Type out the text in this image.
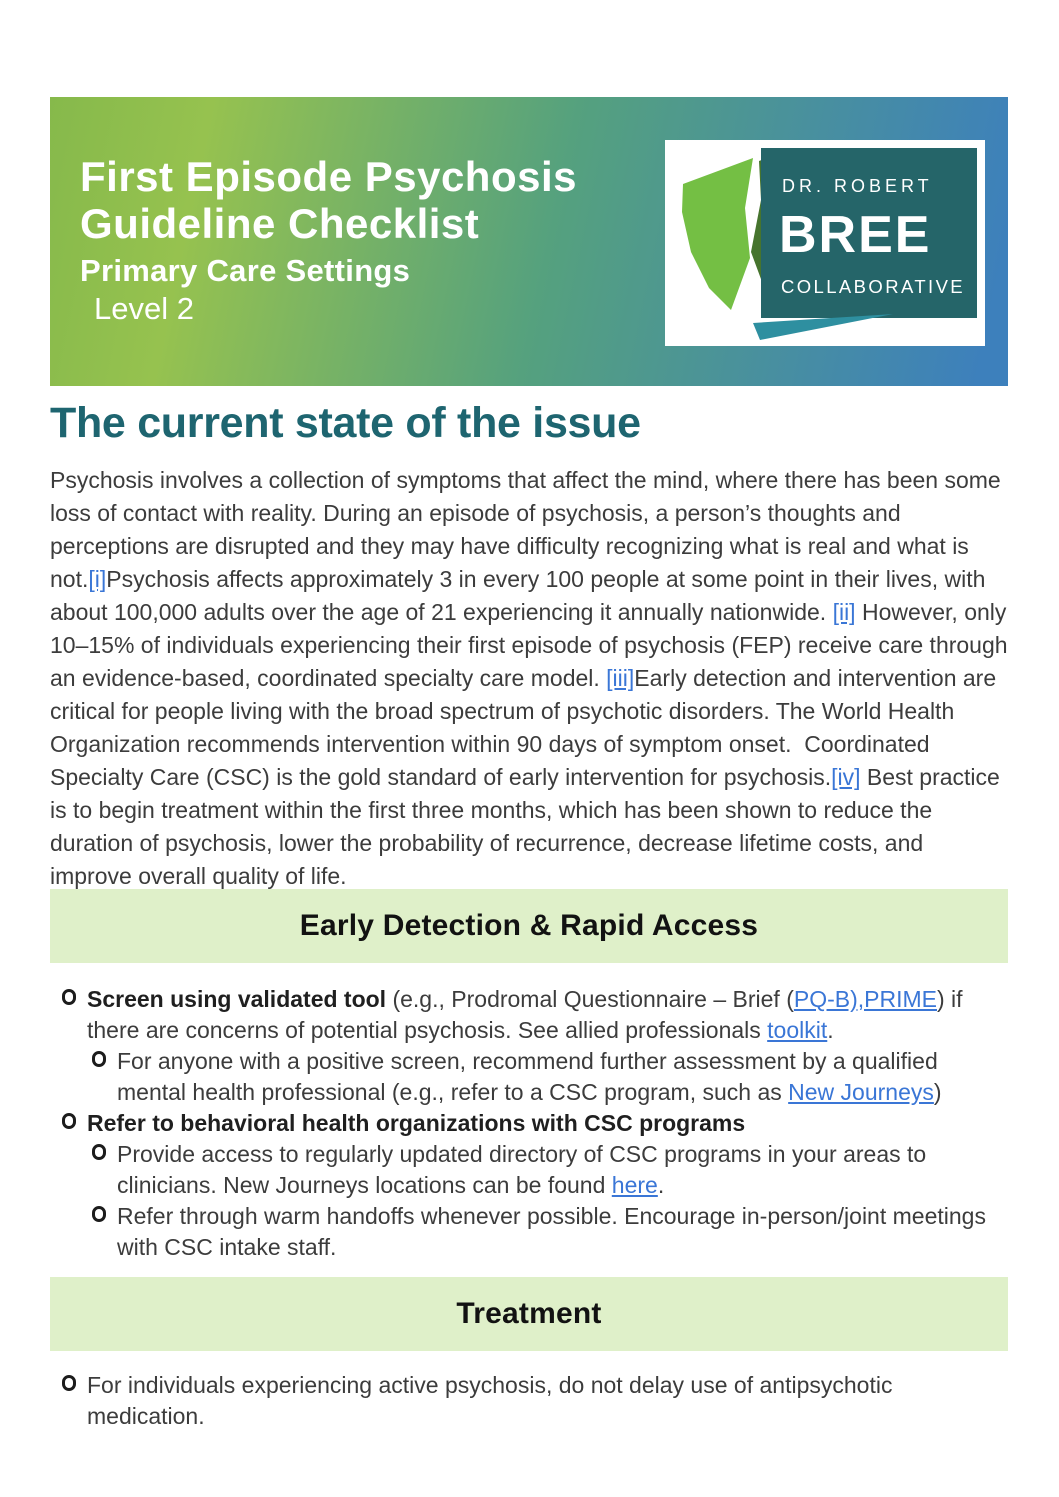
First Episode Psychosis
Guideline Checklist
Primary Care Settings
Level 2
DR. ROBERT
BREE
COLLABORATIVE
The current state of the issue

Psychosis involves a collection of symptoms that affect the mind, where there has been some loss of contact with reality. During an episode of psychosis, a person’s thoughts and perceptions are disrupted and they may have difficulty recognizing what is real and what is not.[i]Psychosis affects approximately 3 in every 100 people at some point in their lives, with about 100,000 adults over the age of 21 experiencing it annually nationwide. [ii] However, only 10–15% of individuals experiencing their first episode of psychosis (FEP) receive care through an evidence-based, coordinated specialty care model. [iii]Early detection and intervention are critical for people living with the broad spectrum of psychotic disorders. The World Health Organization recommends intervention within 90 days of symptom onset.  Coordinated Specialty Care (CSC) is the gold standard of early intervention for psychosis.[iv] Best practice is to begin treatment within the first three months, which has been shown to reduce the duration of psychosis, lower the probability of recurrence, decrease lifetime costs, and improve overall quality of life.

Early Detection & Rapid Access
Screen using validated tool (e.g., Prodromal Questionnaire – Brief (PQ-B),PRIME) if there are concerns of potential psychosis. See allied professionals toolkit.
For anyone with a positive screen, recommend further assessment by a qualified mental health professional (e.g., refer to a CSC program, such as New Journeys)
Refer to behavioral health organizations with CSC programs
Provide access to regularly updated directory of CSC programs in your areas to clinicians. New Journeys locations can be found here.
Refer through warm handoffs whenever possible. Encourage in-person/joint meetings with CSC intake staff.
Treatment
For individuals experiencing active psychosis, do not delay use of antipsychotic medication.
